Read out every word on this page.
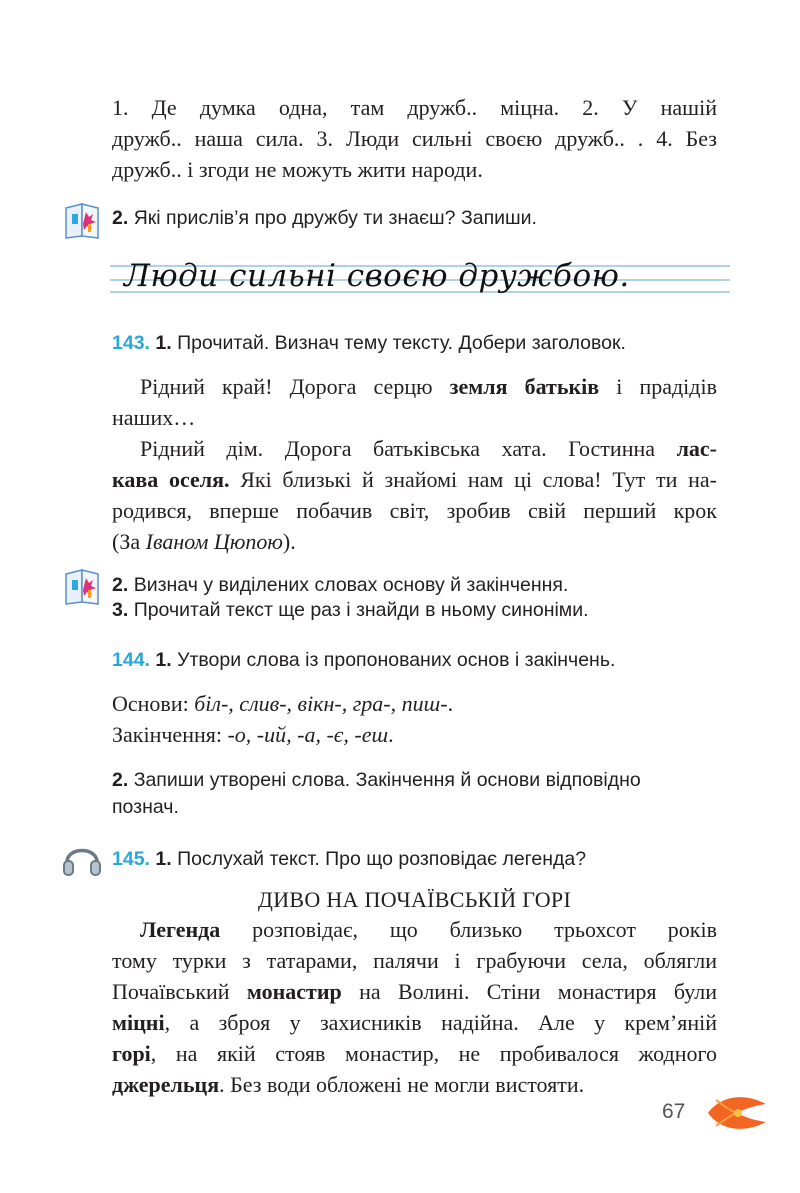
1. Де думка одна, там дружб.. міцна. 2. У нашій
дружб.. наша сила. 3. Люди сильні своєю дружб.. . 4. Без
дружб.. і згоди не можуть жити народи.
2. Які прислів’я про дружбу ти знаєш? Запиши.
Люди сильні своєю дружбою.
143. 1. Прочитай. Визнач тему тексту. Добери заголовок.
Рідний край! Дорога серцю земля батьків і прадідів
наших…
Рідний дім. Дорога батьківська хата. Гостинна лас-
кава оселя. Які близькі й знайомі нам ці слова! Тут ти на-
родився, вперше побачив світ, зробив свій перший крок
(За Іваном Цюпою).
2. Визнач у виділених словах основу й закінчення.
3. Прочитай текст ще раз і знайди в ньому синоніми.
144. 1. Утвори слова із пропонованих основ і закінчень.
Основи: біл-, слив-, вікн-, гра-, пиш-.
Закінчення: -о, -ий, -а, -є, -еш.
2. Запиши утворені слова. Закінчення й основи відповідно
познач.
145. 1. Послухай текст. Про що розповідає легенда?
ДИВО НА ПОЧАЇВСЬКІЙ ГОРІ
Легенда розповідає, що близько трьохсот років
тому турки з татарами, палячи і грабуючи села, облягли
Почаївський монастир на Волині. Стіни монастиря були
міцні, а зброя у захисників надійна. Але у крем’яній
горі, на якій стояв монастир, не пробивалося жодного
джерельця. Без води обложені не могли вистояти.
67
